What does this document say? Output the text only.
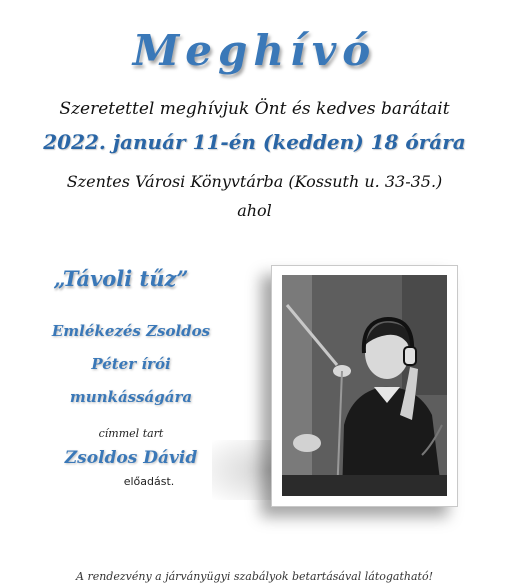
Meghívó
Szeretettel meghívjuk Önt és kedves barátait
2022. január 11-én (kedden) 18 órára
Szentes Városi Könyvtárba (Kossuth u. 33-35.)
ahol
„Távoli tűz”
Emlékezés Zsoldos
Péter írói
munkásságára
címmel tart
Zsoldos Dávid
előadást.
A rendezvény a járványügyi szabályok betartásával látogatható!
